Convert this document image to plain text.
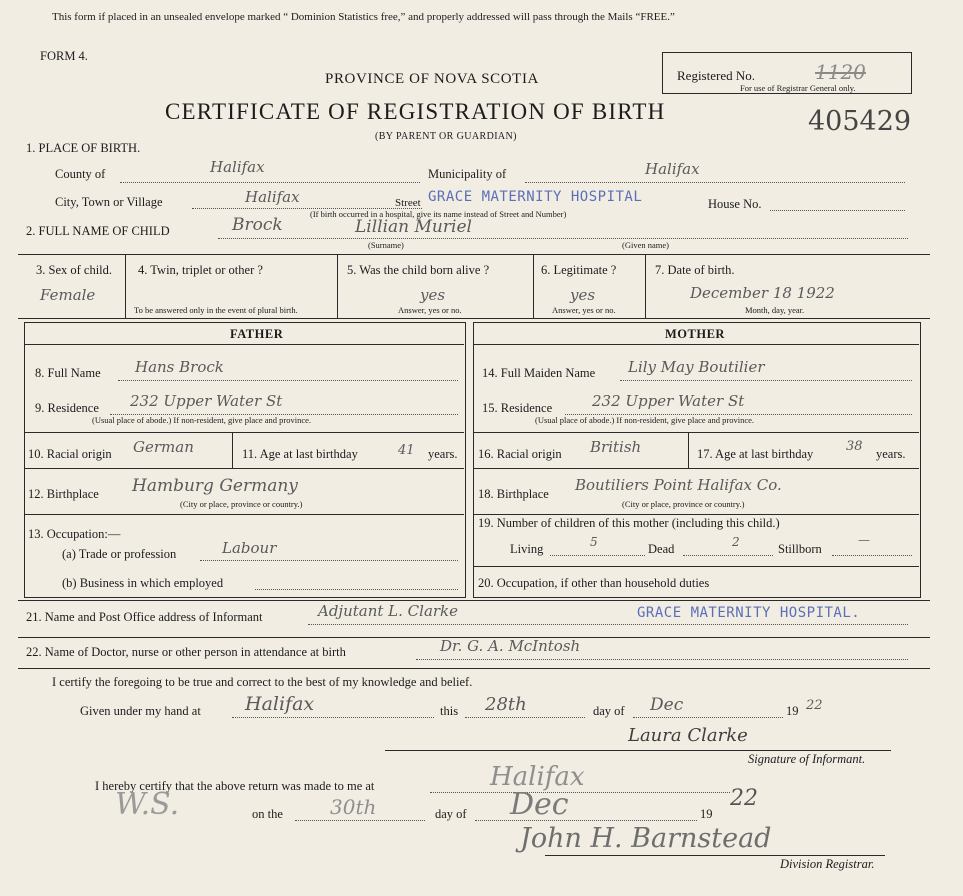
This form if placed in an unsealed envelope marked “ Dominion Statistics free,” and properly addressed will pass through the Mails “FREE.”
FORM 4.
PROVINCE OF NOVA SCOTIA
CERTIFICATE OF REGISTRATION OF BIRTH
(BY PARENT OR GUARDIAN)
Registered No.	1120
For use of Registrar General only.
405429
1. PLACE OF BIRTH.
County of	Halifax	Municipality of	Halifax
City, Town or Village	Halifax	Street GRACE MATERNITY HOSPITAL	House No.
(If birth occurred in a hospital, give its name instead of Street and Number)
2. FULL NAME OF CHILD	Brock	Lillian Muriel
(Surname)	(Given name)
3. Sex of child.
Female
4. Twin, triplet or other ?
To be answered only in the event of plural birth.
5. Was the child born alive ?
yes
Answer, yes or no.
6. Legitimate ?
yes
Answer, yes or no.
7. Date of birth.
December 18 1922
Month, day, year.
FATHER	MOTHER
8. Full Name Hans Brock
9. Residence 232 Upper Water St
(Usual place of abode.) If non-resident, give place and province.
10. Racial origin German	11. Age at last birthday	41 years.
12. Birthplace Hamburg Germany
(City or place, province or country.)
13. Occupation:—
(a) Trade or profession	Labour
(b) Business in which employed
14. Full Maiden Name Lily May Boutilier
15. Residence	232 Upper Water St
(Usual place of abode.) If non-resident, give place and province.
16. Racial origin British	17. Age at last birthday	38 years.
18. Birthplace Boutiliers Point Halifax Co.
(City or place, province or country.)
19. Number of children of this mother (including this child.)
Living	5	Dead	2	Stillborn
—
20. Occupation, if other than household duties
21. Name and Post Office address of Informant	Adjutant L. Clarke	GRACE MATERNITY HOSPITAL.
22. Name of Doctor, nurse or other person in attendance at birth	Dr. G. A. McIntosh
I certify the foregoing to be true and correct to the best of my knowledge and belief.
Given under my hand at Halifax	this 28th	day of Dec	19 22
Laura Clarke
Signature of Informant.
I hereby certify that the above return was made to me at	Halifax
W.S.	on the 30th	day of Dec	19
22
John H. Barnstead
Division Registrar.
